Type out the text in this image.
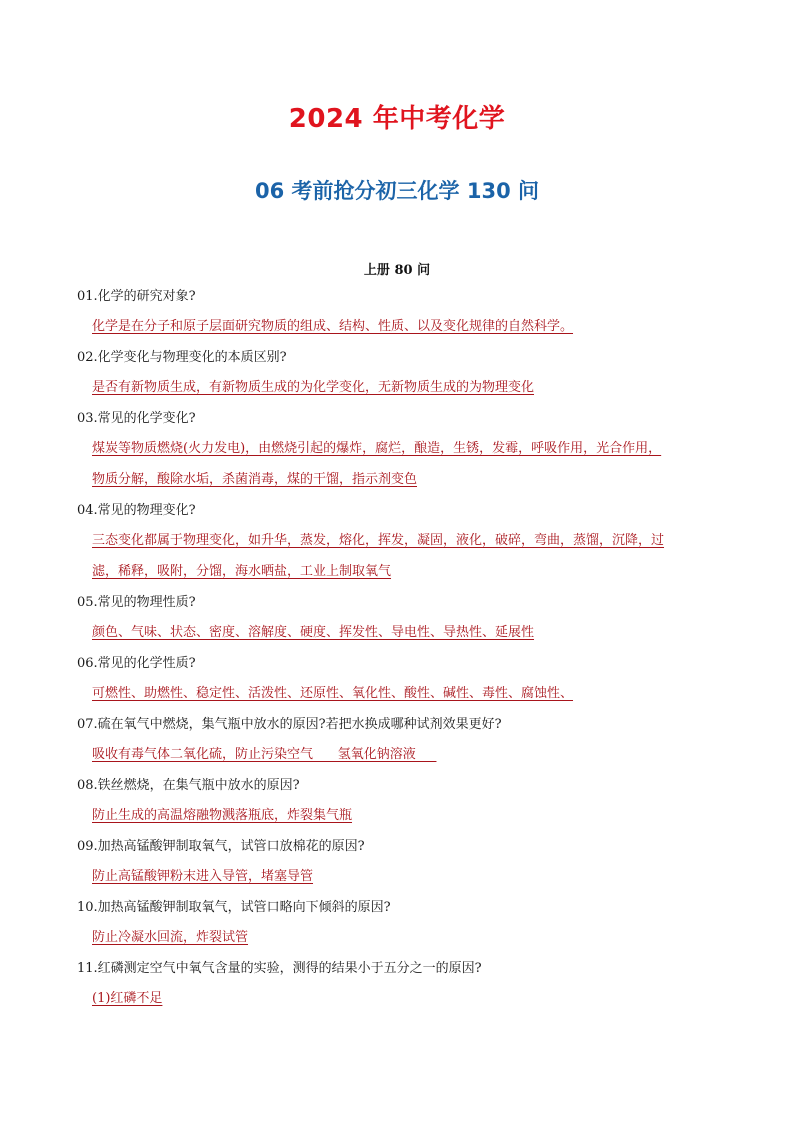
2024 年中考化学
06 考前抢分初三化学 130 问
上册 80 问

01.化学的研究对象?

化学是在分子和原子层面研究物质的组成、结构、性质、以及变化规律的自然科学。

02.化学变化与物理变化的本质区别?

是否有新物质生成，有新物质生成的为化学变化，无新物质生成的为物理变化

03.常见的化学变化?

煤炭等物质燃烧(火力发电)，由燃烧引起的爆炸，腐烂，酿造，生锈，发霉，呼吸作用，光合作用，
物质分解，酸除水垢，杀菌消毒，煤的干馏，指示剂变色

04.常见的物理变化?

三态变化都属于物理变化，如升华，蒸发，熔化，挥发，凝固，液化，破碎，弯曲，蒸馏，沉降，过
滤，稀释，吸附，分馏，海水晒盐，工业上制取氧气

05.常见的物理性质?

颜色、气味、状态、密度、溶解度、硬度、挥发性、导电性、导热性、延展性

06.常见的化学性质?

可燃性、助燃性、稳定性、活泼性、还原性、氧化性、酸性、碱性、毒性、腐蚀性、

07.硫在氧气中燃烧，集气瓶中放水的原因?若把水换成哪种试剂效果更好?

吸收有毒气体二氧化硫，防止污染空气      氢氧化钠溶液

08.铁丝燃烧，在集气瓶中放水的原因?

防止生成的高温熔融物溅落瓶底，炸裂集气瓶

09.加热高锰酸钾制取氧气，试管口放棉花的原因?

防止高锰酸钾粉末进入导管，堵塞导管

10.加热高锰酸钾制取氧气，试管口略向下倾斜的原因?

防止冷凝水回流，炸裂试管

11.红磷测定空气中氧气含量的实验，测得的结果小于五分之一的原因?

(1)红磷不足
